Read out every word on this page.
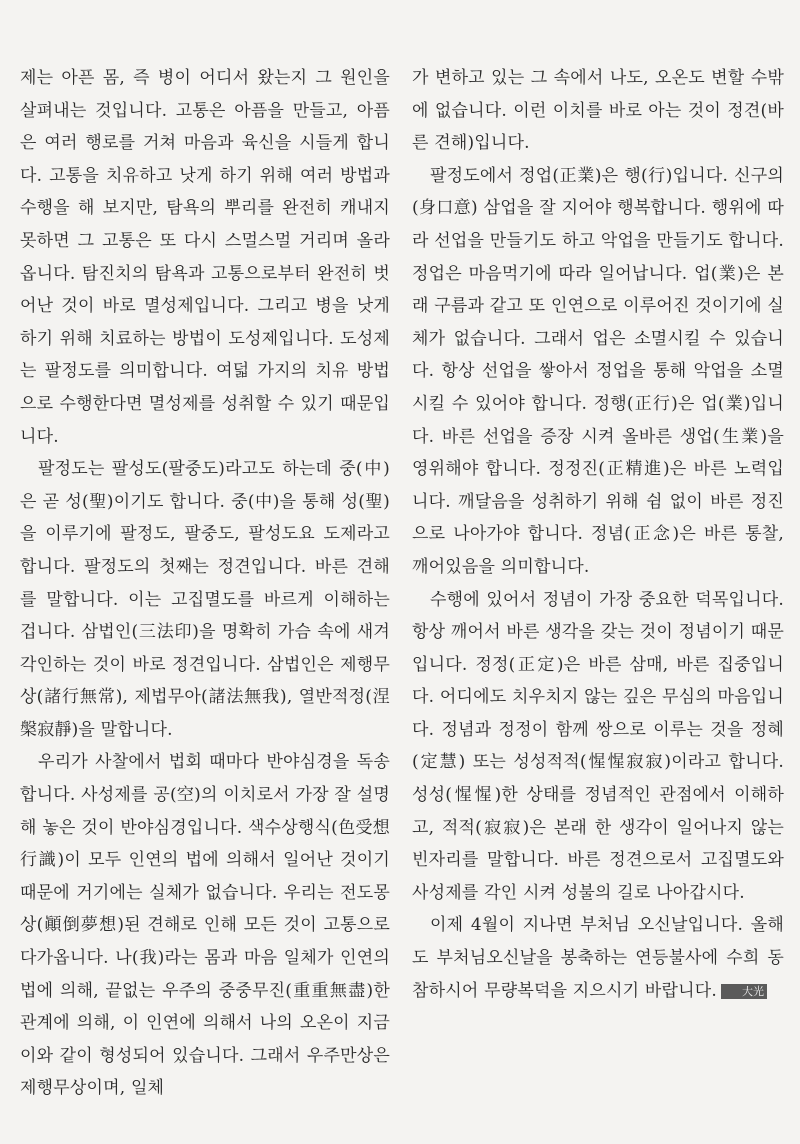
제는 아픈 몸, 즉 병이 어디서 왔는지 그 원인을 살펴내는 것입니다. 고통은 아픔을 만들고, 아픔은 여러 행로를 거쳐 마음과 육신을 시들게 합니다. 고통을 치유하고 낫게 하기 위해 여러 방법과 수행을 해 보지만, 탐욕의 뿌리를 완전히 캐내지 못하면 그 고통은 또 다시 스멀스멀 거리며 올라옵니다. 탐진치의 탐욕과 고통으로부터 완전히 벗어난 것이 바로 멸성제입니다. 그리고 병을 낫게 하기 위해 치료하는 방법이 도성제입니다. 도성제는 팔정도를 의미합니다. 여덟 가지의 치유 방법으로 수행한다면 멸성제를 성취할 수 있기 때문입니다.

팔정도는 팔성도(팔중도)라고도 하는데 중(中)은 곧 성(聖)이기도 합니다. 중(中)을 통해 성(聖)을 이루기에 팔정도, 팔중도, 팔성도요 도제라고 합니다. 팔정도의 첫째는 정견입니다. 바른 견해를 말합니다. 이는 고집멸도를 바르게 이해하는 겁니다. 삼법인(三法印)을 명확히 가슴 속에 새겨 각인하는 것이 바로 정견입니다. 삼법인은 제행무상(諸行無常), 제법무아(諸法無我), 열반적정(涅槃寂靜)을 말합니다.

우리가 사찰에서 법회 때마다 반야심경을 독송합니다. 사성제를 공(空)의 이치로서 가장 잘 설명해 놓은 것이 반야심경입니다. 색수상행식(色受想行識)이 모두 인연의 법에 의해서 일어난 것이기 때문에 거기에는 실체가 없습니다. 우리는 전도몽상(顚倒夢想)된 견해로 인해 모든 것이 고통으로 다가옵니다. 나(我)라는 몸과 마음 일체가 인연의 법에 의해, 끝없는 우주의 중중무진(重重無盡)한 관계에 의해, 이 인연에 의해서 나의 오온이 지금 이와 같이 형성되어 있습니다. 그래서 우주만상은 제행무상이며, 일체

가 변하고 있는 그 속에서 나도, 오온도 변할 수밖에 없습니다. 이런 이치를 바로 아는 것이 정견(바른 견해)입니다.

팔정도에서 정업(正業)은 행(行)입니다. 신구의(身口意) 삼업을 잘 지어야 행복합니다. 행위에 따라 선업을 만들기도 하고 악업을 만들기도 합니다. 정업은 마음먹기에 따라 일어납니다. 업(業)은 본래 구름과 같고 또 인연으로 이루어진 것이기에 실체가 없습니다. 그래서 업은 소멸시킬 수 있습니다. 항상 선업을 쌓아서 정업을 통해 악업을 소멸 시킬 수 있어야 합니다. 정행(正行)은 업(業)입니다. 바른 선업을 증장 시켜 올바른 생업(生業)을 영위해야 합니다. 정정진(正精進)은 바른 노력입니다. 깨달음을 성취하기 위해 쉼 없이 바른 정진으로 나아가야 합니다. 정념(正念)은 바른 통찰, 깨어있음을 의미합니다.

수행에 있어서 정념이 가장 중요한 덕목입니다. 항상 깨어서 바른 생각을 갖는 것이 정념이기 때문입니다. 정정(正定)은 바른 삼매, 바른 집중입니다. 어디에도 치우치지 않는 깊은 무심의 마음입니다. 정념과 정정이 함께 쌍으로 이루는 것을 정혜(定慧) 또는 성성적적(惺惺寂寂)이라고 합니다. 성성(惺惺)한 상태를 정념적인 관점에서 이해하고, 적적(寂寂)은 본래 한 생각이 일어나지 않는 빈자리를 말합니다. 바른 정견으로서 고집멸도와 사성제를 각인 시켜 성불의 길로 나아갑시다.

이제 4월이 지나면 부처님 오신날입니다. 올해도 부처님오신날을 봉축하는 연등불사에 수희 동참하시어 무량복덕을 지으시기 바랍니다. 大光
